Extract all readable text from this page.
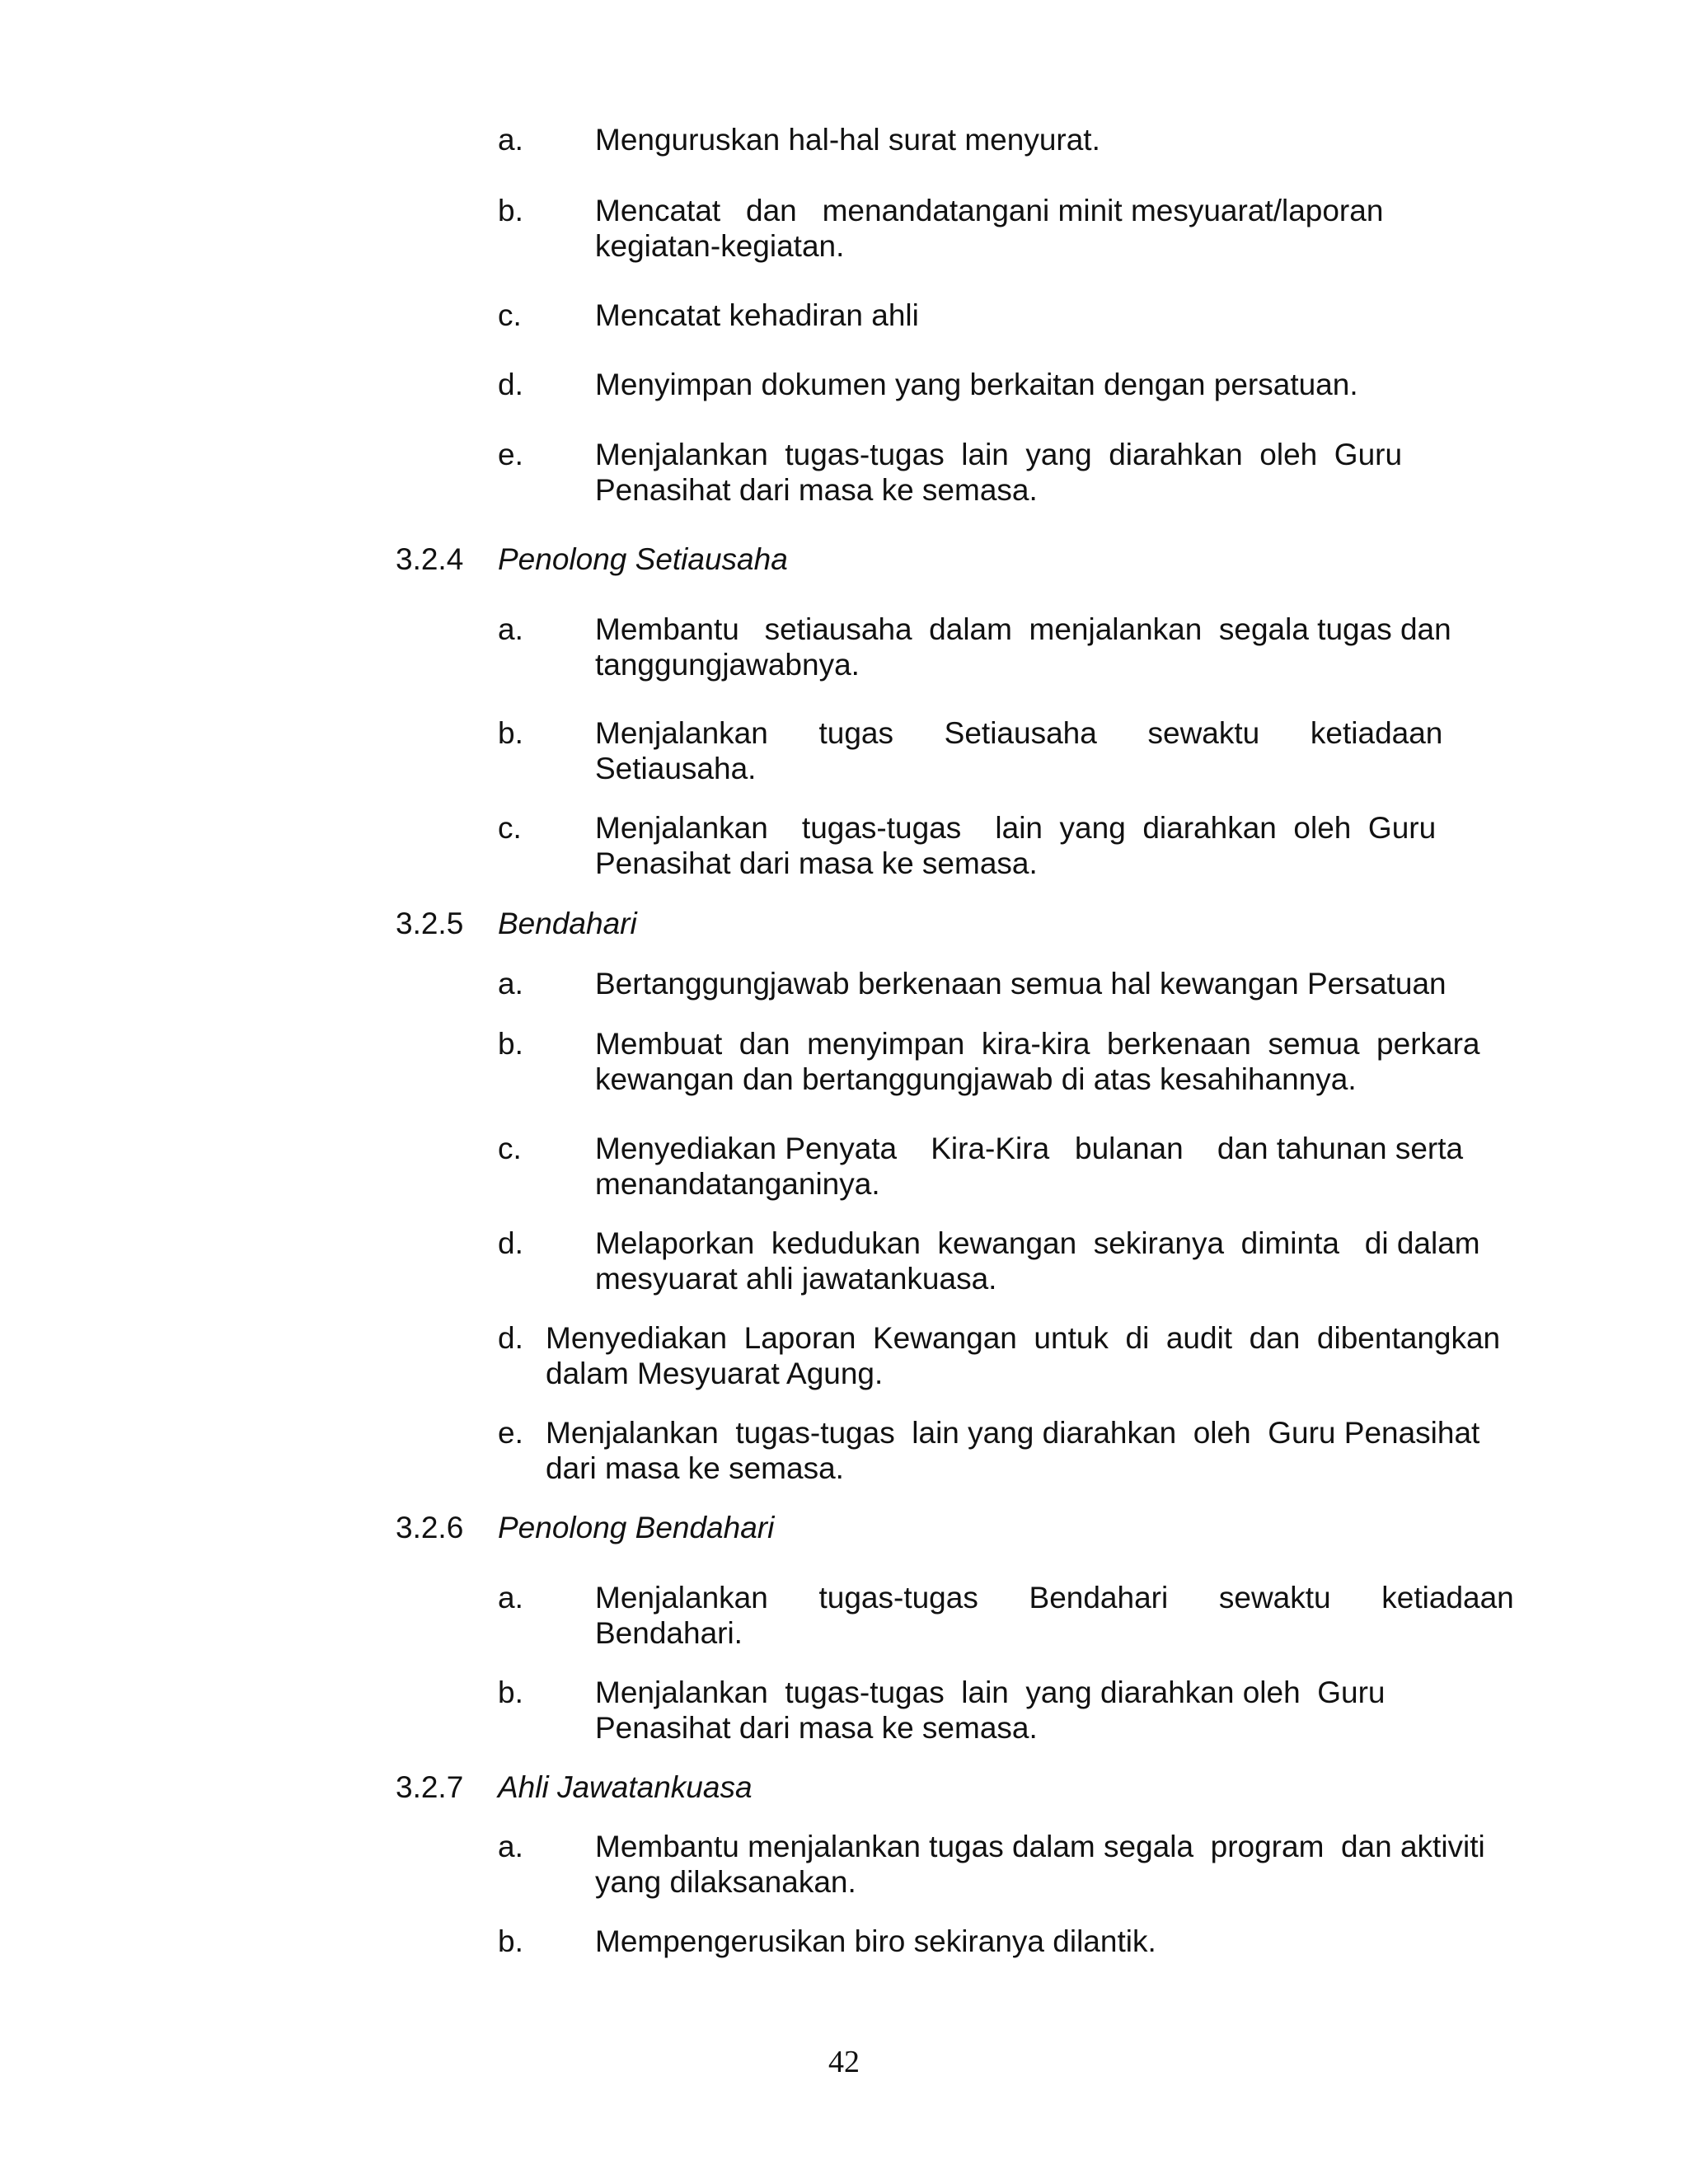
a. Menguruskan hal-hal surat menyurat.
b. Mencatat   dan   menandatangani minit mesyuarat/laporan
kegiatan-kegiatan.
c. Mencatat kehadiran ahli
d. Menyimpan dokumen yang berkaitan dengan persatuan.
e. Menjalankan  tugas-tugas  lain  yang  diarahkan  oleh  Guru
Penasihat dari masa ke semasa.
3.2.4 Penolong Setiausaha
a. Membantu   setiausaha  dalam  menjalankan  segala tugas dan
tanggungjawabnya.
b. Menjalankan      tugas      Setiausaha      sewaktu      ketiadaan
Setiausaha.
c. Menjalankan    tugas-tugas    lain  yang  diarahkan  oleh  Guru
Penasihat dari masa ke semasa.
3.2.5 Bendahari
a. Bertanggungjawab berkenaan semua hal kewangan Persatuan
b. Membuat  dan  menyimpan  kira-kira  berkenaan  semua  perkara
kewangan dan bertanggungjawab di atas kesahihannya.
c. Menyediakan Penyata    Kira-Kira   bulanan    dan tahunan serta
menandatanganinya.
d. Melaporkan  kedudukan  kewangan  sekiranya  diminta   di dalam
mesyuarat ahli jawatankuasa.
d. Menyediakan  Laporan  Kewangan  untuk  di  audit  dan  dibentangkan
dalam Mesyuarat Agung.
e. Menjalankan  tugas-tugas  lain yang diarahkan  oleh  Guru Penasihat
dari masa ke semasa.
3.2.6 Penolong Bendahari
a. Menjalankan      tugas-tugas      Bendahari      sewaktu      ketiadaan
Bendahari.
b. Menjalankan  tugas-tugas  lain  yang diarahkan oleh  Guru
Penasihat dari masa ke semasa.
3.2.7 Ahli Jawatankuasa
a. Membantu menjalankan tugas dalam segala  program  dan aktiviti
yang dilaksanakan.
b. Mempengerusikan biro sekiranya dilantik.
42
